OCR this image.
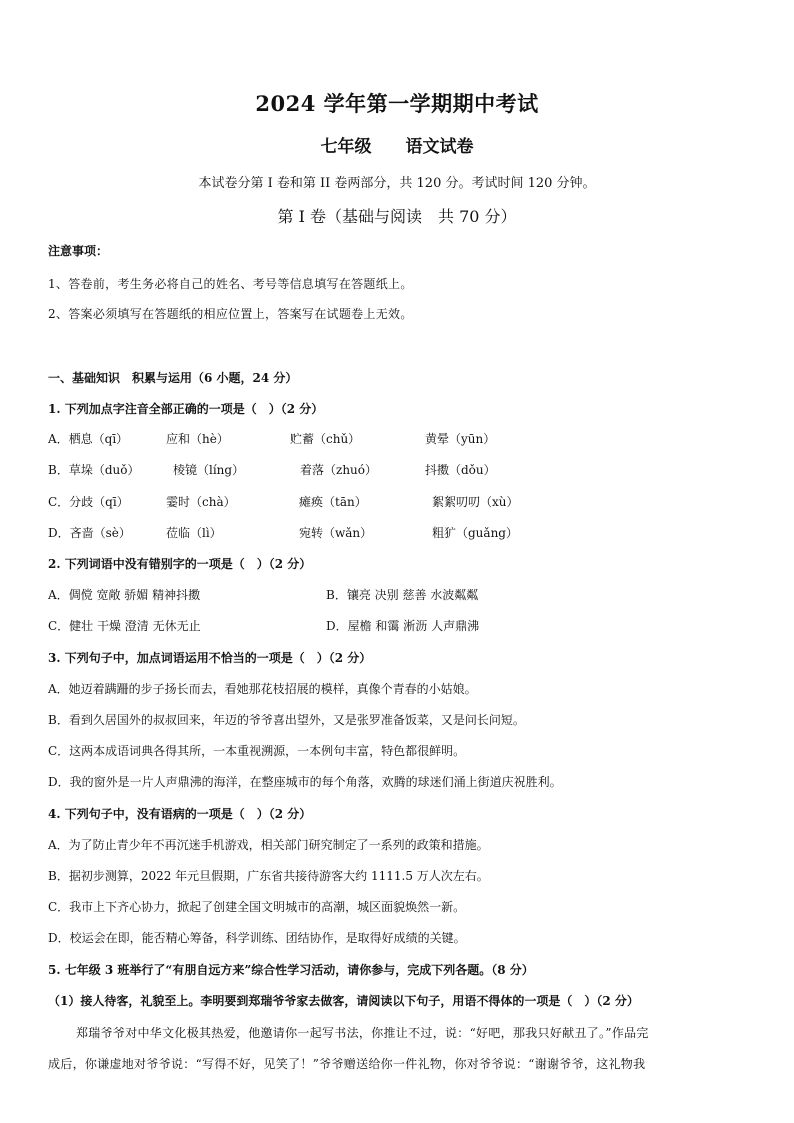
2024 学年第一学期期中考试
七年级 语文试卷
本试卷分第 I 卷和第 II 卷两部分，共 120 分。考试时间 120 分钟。
第 I 卷（基础与阅读　共 70 分）
注意事项：
1、答卷前，考生务必将自己的姓名、考号等信息填写在答题纸上。
2、答案必须填写在答题纸的相应位置上，答案写在试题卷上无效。
一、基础知识　积累与运用（6 小题，24 分）
1. 下列加点字注音全部正确的一项是（　）（2 分）
A．栖息（qī）	应和（hè）	贮蓄（chǔ）	黄晕（yūn）
B．草垛（duǒ）	棱镜（líng）	着落（zhuó）	抖擞（dǒu）
C．分歧（qī）	霎时（chà）	瘫痪（tān）	絮絮叨叨（xù）
D．吝啬（sè）	莅临（lì）	宛转（wǎn）	粗犷（guǎng）
2. 下列词语中没有错别字的一项是（　）（2 分）
A．倜傥 宽敞 骄媚 精神抖擞	B．镶亮 决别 慈善 水波粼粼
C．健壮 干燥 澄清 无休无止	D．屋檐 和霭 淅沥 人声鼎沸
3. 下列句子中，加点词语运用不恰当的一项是（　）（2 分）
A．她迈着蹒跚的步子扬长而去，看她那花枝招展的模样，真像个青春的小姑娘。
B．看到久居国外的叔叔回来，年迈的爷爷喜出望外，又是张罗准备饭菜，又是问长问短。
C．这两本成语词典各得其所，一本重视溯源，一本例句丰富，特色都很鲜明。
D．我的窗外是一片人声鼎沸的海洋，在整座城市的每个角落，欢腾的球迷们涌上街道庆祝胜利。
4. 下列句子中，没有语病的一项是（　）（2 分）
A．为了防止青少年不再沉迷手机游戏，相关部门研究制定了一系列的政策和措施。
B．据初步测算，2022 年元旦假期，广东省共接待游客大约 1111.5 万人次左右。
C．我市上下齐心协力，掀起了创建全国文明城市的高潮，城区面貌焕然一新。
D．校运会在即，能否精心筹备，科学训练、团结协作，是取得好成绩的关键。
5. 七年级 3 班举行了“有朋自远方来”综合性学习活动，请你参与，完成下列各题。（8 分）
（1）接人待客，礼貌至上。李明要到郑瑞爷爷家去做客，请阅读以下句子，用语不得体的一项是（　）（2 分）
郑瑞爷爷对中华文化极其热爱，他邀请你一起写书法，你推让不过，说：“好吧，那我只好献丑了。”作品完
成后，你谦虚地对爷爷说：“写得不好，见笑了！”爷爷赠送给你一件礼物，你对爷爷说：“谢谢爷爷，这礼物我
